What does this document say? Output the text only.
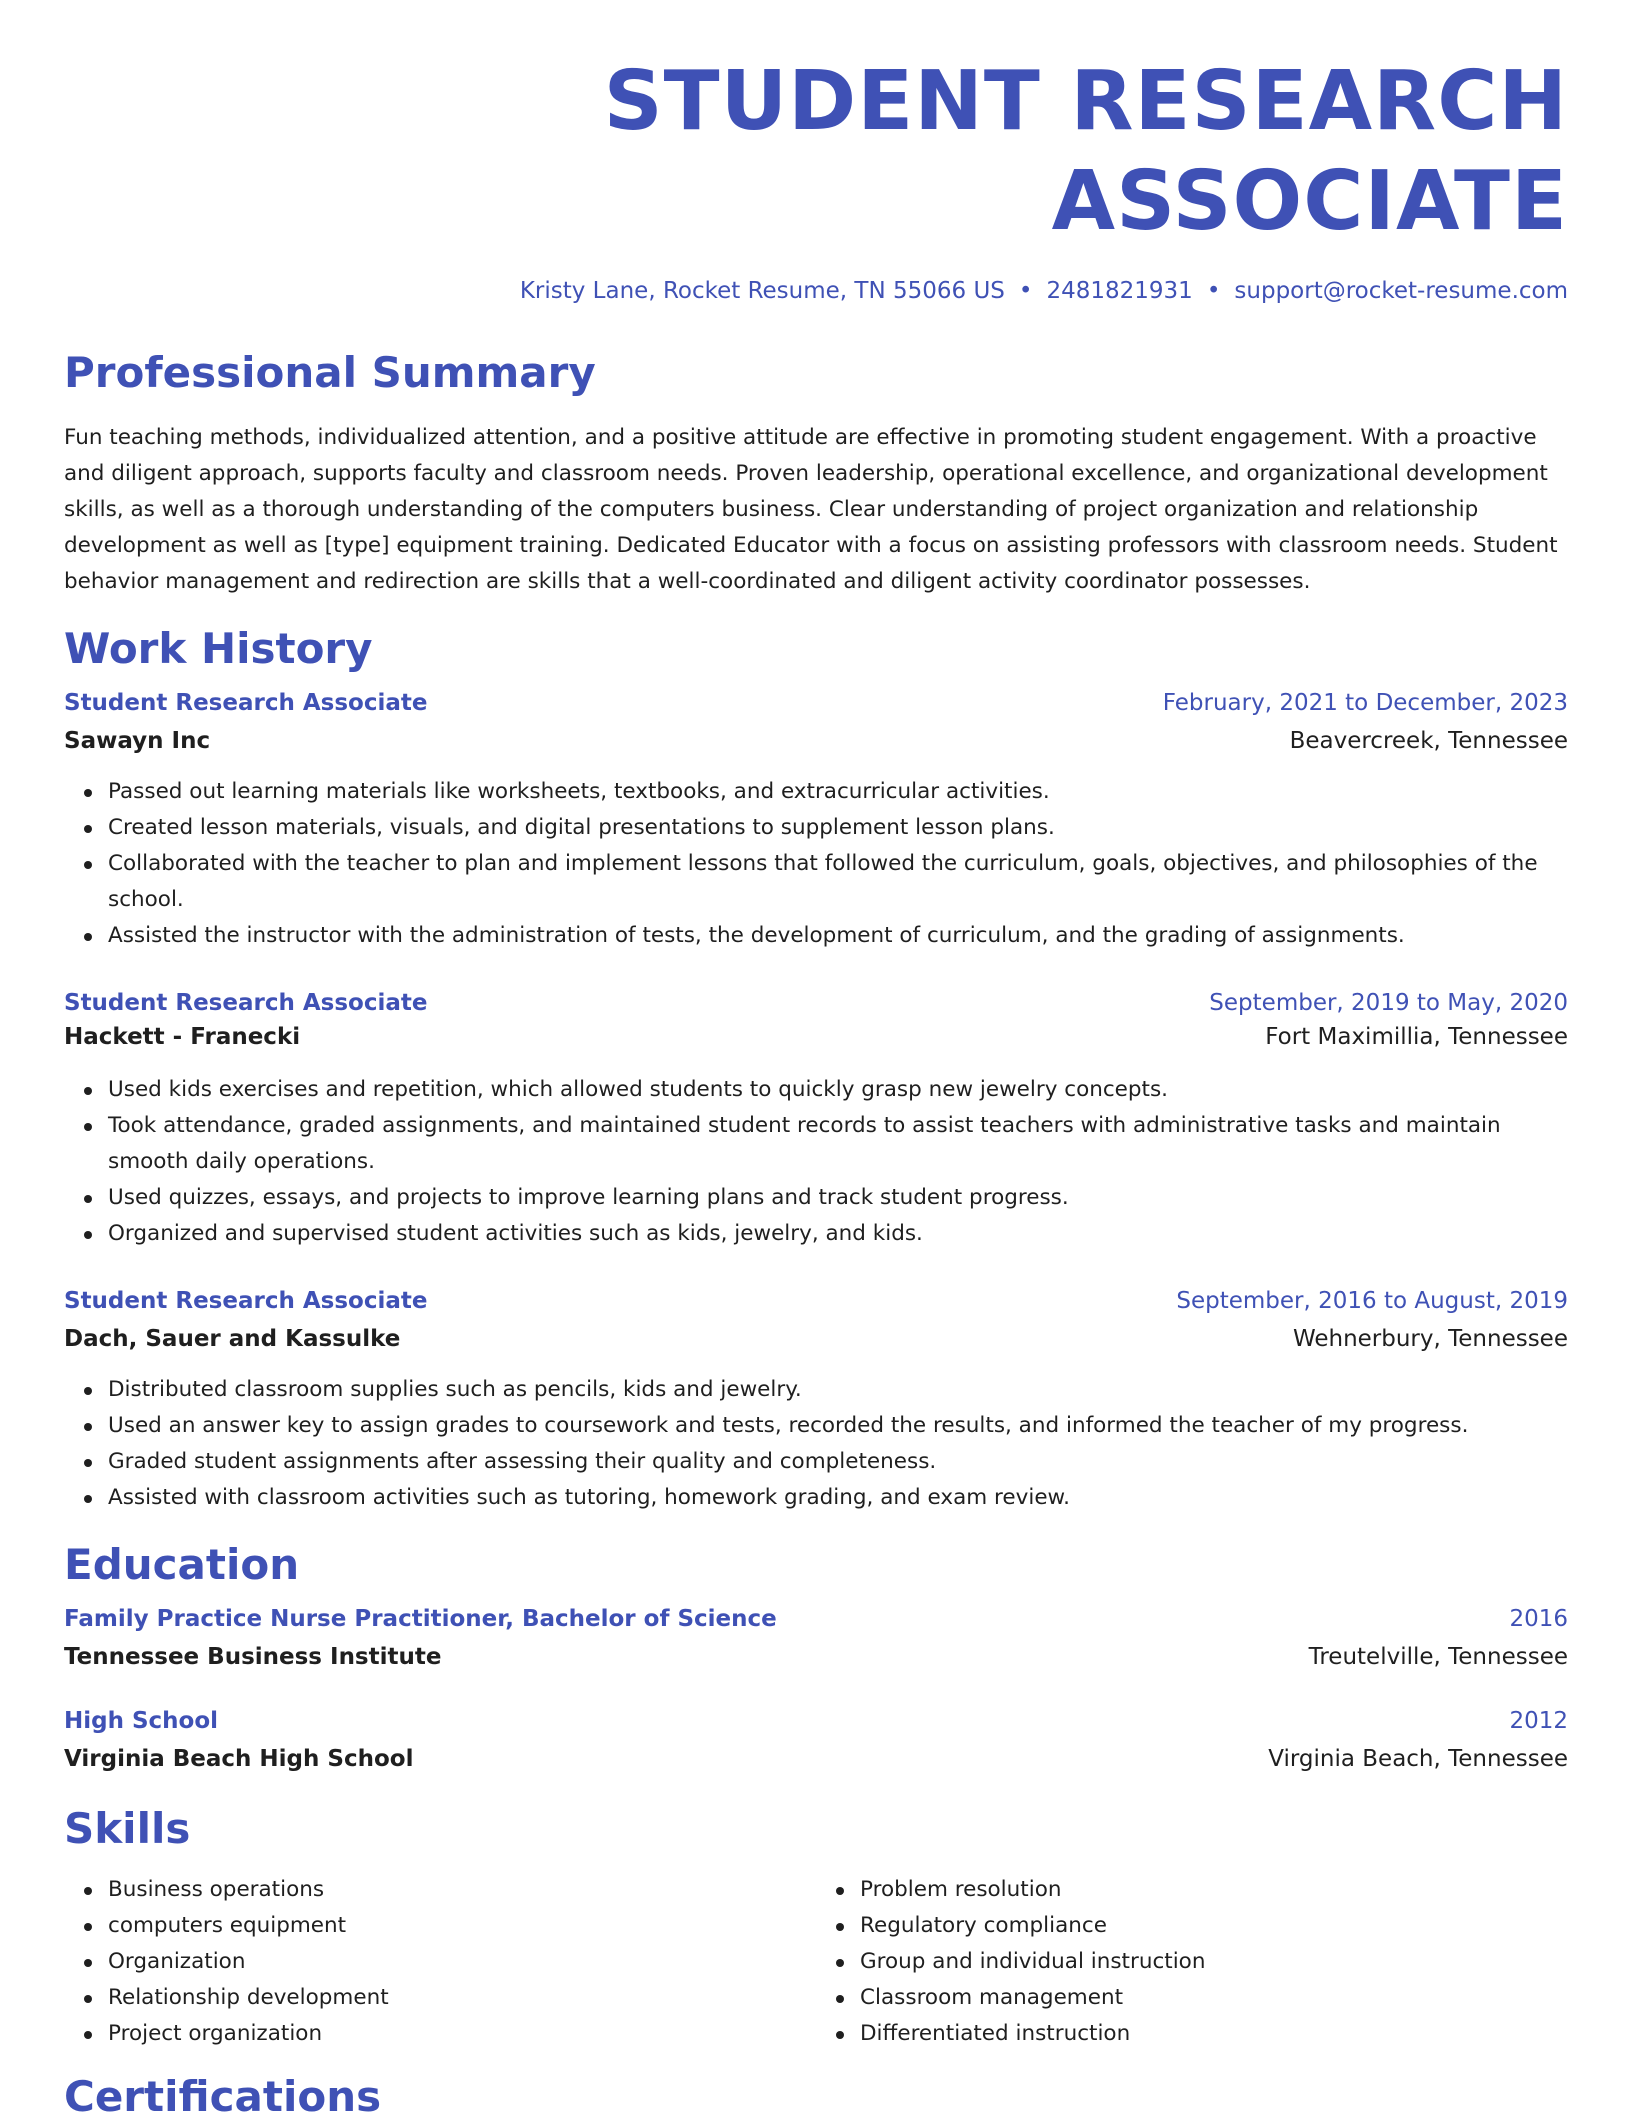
STUDENT RESEARCH ASSOCIATE
Kristy Lane, Rocket Resume, TN 55066 US • 2481821931 • support@rocket-resume.com
Professional Summary

Fun teaching methods, individualized attention, and a positive attitude are effective in promoting student engagement. With a proactive and diligent approach, supports faculty and classroom needs. Proven leadership, operational excellence, and organizational development skills, as well as a thorough understanding of the computers business. Clear understanding of project organization and relationship development as well as [type] equipment training. Dedicated Educator with a focus on assisting professors with classroom needs. Student behavior management and redirection are skills that a well-coordinated and diligent activity coordinator possesses.

Work History
Student Research Associate	February, 2021 to December, 2023
Sawayn Inc	Beavercreek, Tennessee
Passed out learning materials like worksheets, textbooks, and extracurricular activities.
Created lesson materials, visuals, and digital presentations to supplement lesson plans.
Collaborated with the teacher to plan and implement lessons that followed the curriculum, goals, objectives, and philosophies of the school.
Assisted the instructor with the administration of tests, the development of curriculum, and the grading of assignments.
Student Research Associate	September, 2019 to May, 2020
Hackett - Franecki	Fort Maximillia, Tennessee
Used kids exercises and repetition, which allowed students to quickly grasp new jewelry concepts.
Took attendance, graded assignments, and maintained student records to assist teachers with administrative tasks and maintain smooth daily operations.
Used quizzes, essays, and projects to improve learning plans and track student progress.
Organized and supervised student activities such as kids, jewelry, and kids.
Student Research Associate	September, 2016 to August, 2019
Dach, Sauer and Kassulke	Wehnerbury, Tennessee
Distributed classroom supplies such as pencils, kids and jewelry.
Used an answer key to assign grades to coursework and tests, recorded the results, and informed the teacher of my progress.
Graded student assignments after assessing their quality and completeness.
Assisted with classroom activities such as tutoring, homework grading, and exam review.
Education
Family Practice Nurse Practitioner, Bachelor of Science	2016
Tennessee Business Institute	Treutelville, Tennessee
High School	2012
Virginia Beach High School	Virginia Beach, Tennessee
Skills
Business operations
computers equipment
Organization
Relationship development
Project organization
Problem resolution
Regulatory compliance
Group and individual instruction
Classroom management
Differentiated instruction
Certifications
